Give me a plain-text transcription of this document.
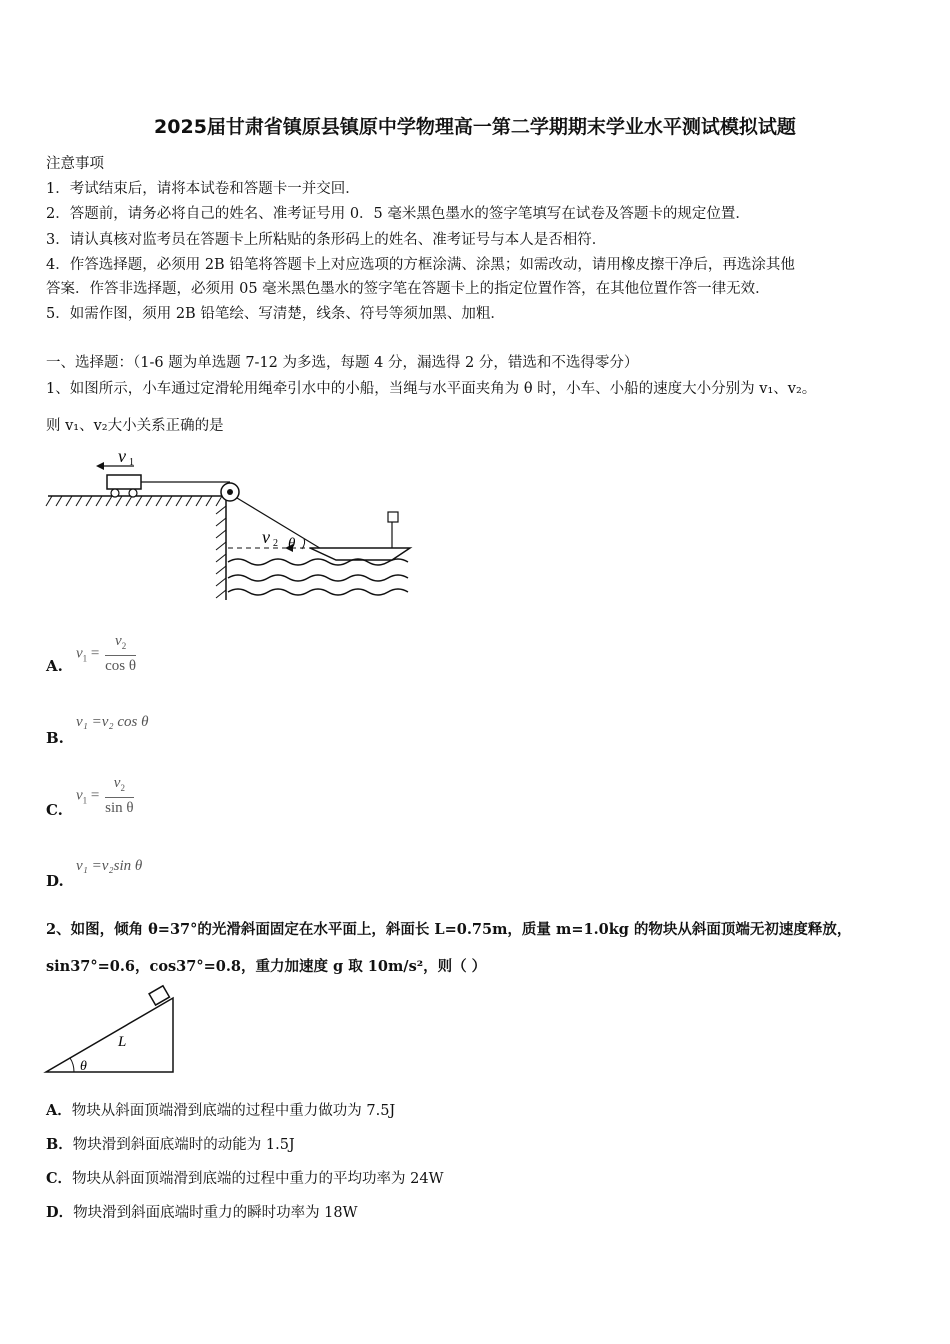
2025届甘肃省镇原县镇原中学物理高一第二学期期末学业水平测试模拟试题
注意事项
1．考试结束后，请将本试卷和答题卡一并交回．
2．答题前，请务必将自己的姓名、准考证号用 0．5 毫米黑色墨水的签字笔填写在试卷及答题卡的规定位置．
3．请认真核对监考员在答题卡上所粘贴的条形码上的姓名、准考证号与本人是否相符．
4．作答选择题，必须用 2B 铅笔将答题卡上对应选项的方框涂满、涂黑；如需改动，请用橡皮擦干净后，再选涂其他
答案．作答非选择题，必须用 05 毫米黑色墨水的签字笔在答题卡上的指定位置作答，在其他位置作答一律无效．
5．如需作图，须用 2B 铅笔绘、写清楚，线条、符号等须加黑、加粗．
一、选择题：（1-6 题为单选题 7-12 为多选，每题 4 分，漏选得 2 分，错选和不选得零分）
1、如图所示，小车通过定滑轮用绳牵引水中的小船，当绳与水平面夹角为 θ 时，小车、小船的速度大小分别为 v₁、v₂。
则 v₁、v₂大小关系正确的是
v 1
v 2 θ
A.
$v_1 = \frac{v_2}{\text{cos θ}}$
B.
v₁ =v₂ cos θ
C.
$v_1 = \frac{v_2}{\text{sin θ}}$
D.
v₁ =v₂sin θ
2、如图，倾角 θ=37°的光滑斜面固定在水平面上，斜面长 L=0.75m，质量 m=1.0kg 的物块从斜面顶端无初速度释放，
sin37°=0.6，cos37°=0.8，重力加速度 g 取 10m/s²，则（ ）
L
θ
A．物块从斜面顶端滑到底端的过程中重力做功为 7.5J
B．物块滑到斜面底端时的动能为 1.5J
C．物块从斜面顶端滑到底端的过程中重力的平均功率为 24W
D．物块滑到斜面底端时重力的瞬时功率为 18W
